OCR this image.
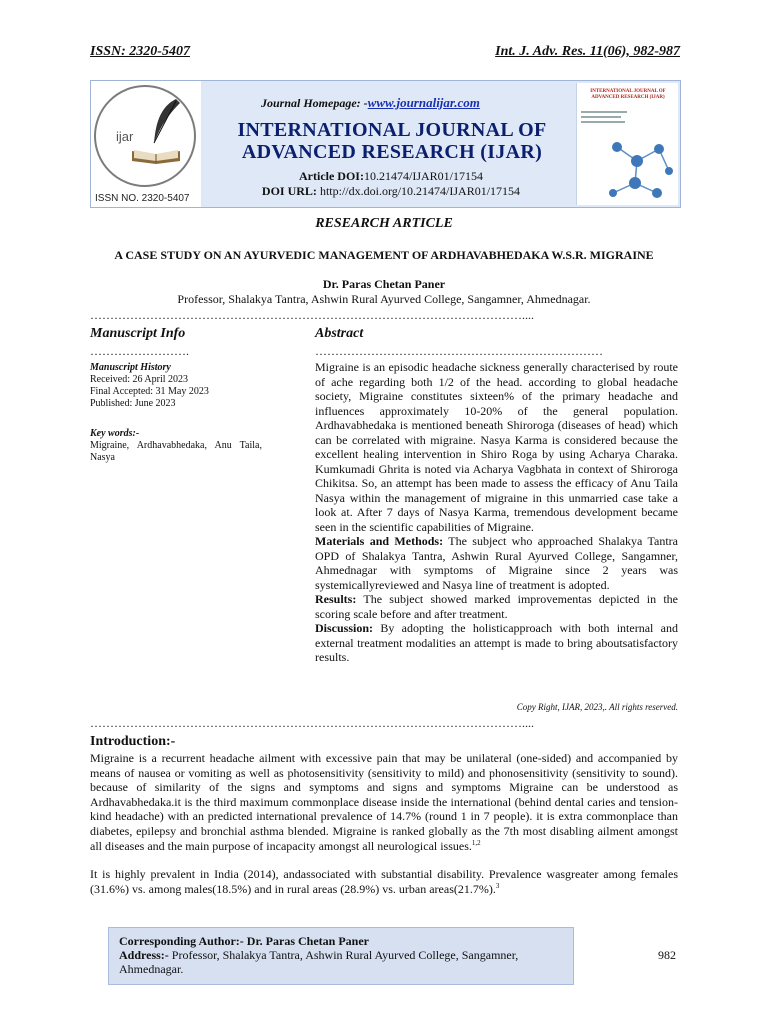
ISSN: 2320-5407	Int. J. Adv. Res. 11(06), 982-987
ijar
ISSN NO. 2320-5407
Journal Homepage: -www.journalijar.com
INTERNATIONAL JOURNAL OF
ADVANCED RESEARCH (IJAR)
Article DOI:10.21474/IJAR01/17154
DOI URL: http://dx.doi.org/10.21474/IJAR01/17154
INTERNATIONAL JOURNAL OF ADVANCED RESEARCH (IJAR)
RESEARCH ARTICLE
A CASE STUDY ON AN AYURVEDIC MANAGEMENT OF ARDHAVABHEDAKA W.S.R. MIGRAINE
Dr. Paras Chetan Paner
Professor, Shalakya Tantra, Ashwin Rural Ayurved College, Sangamner, Ahmednagar.
………………………………………………………………………………………………....
Manuscript Info	Abstract
…………………….	………………………………………………………………
Manuscript History
Received: 26 April 2023
Final Accepted: 31 May 2023
Published: June 2023
Key words:-
Migraine, Ardhavabhedaka, Anu Taila, Nasya

Migraine is an episodic headache sickness generally characterised by route of ache regarding both 1/2 of the head. according to global headache society, Migraine constitutes sixteen% of the primary headache and influences approximately 10-20% of the general population. Ardhavabhedaka is mentioned beneath Shiroroga (diseases of head) which can be correlated with migraine. Nasya Karma is considered because the excellent healing intervention in Shiro Roga by using Acharya Charaka. Kumkumadi Ghrita is noted via Acharya Vagbhata in context of Shiroroga Chikitsa. So, an attempt has been made to assess the efficacy of Anu Taila Nasya within the management of migraine in this unmarried case take a look at. After 7 days of Nasya Karma, tremendous development became seen in the scientific capabilities of Migraine.

Materials and Methods: The subject who approached Shalakya Tantra OPD of Shalakya Tantra, Ashwin Rural Ayurved College, Sangamner, Ahmednagar with symptoms of Migraine since 2 years was systemicallyreviewed and Nasya line of treatment is adopted.

Results: The subject showed marked improvementas depicted in the scoring scale before and after treatment.

Discussion: By adopting the holisticapproach with both internal and external treatment modalities an attempt is made to bring aboutsatisfactory results.

Copy Right, IJAR, 2023,. All rights reserved.
………………………………………………………………………………………………....
Introduction:-

Migraine is a recurrent headache ailment with excessive pain that may be unilateral (one-sided) and accompanied by means of nausea or vomiting as well as photosensitivity (sensitivity to mild) and phonosensitivity (sensitivity to sound). because of similarity of the signs and symptoms and signs and symptoms Migraine can be understood as Ardhavabhedaka.it is the third maximum commonplace disease inside the international (behind dental caries and tension-kind headache) with an predicted international prevalence of 14.7% (round 1 in 7 people). it is extra commonplace than diabetes, epilepsy and bronchial asthma blended. Migraine is ranked globally as the 7th most disabling ailment amongst all diseases and the main purpose of incapacity amongst all neurological issues.$^{1,2}$

It is highly prevalent in India (2014), andassociated with substantial disability. Prevalence wasgreater among females (31.6%) vs. among males(18.5%) and in rural areas (28.9%) vs. urban areas(21.7%).$^3$

Corresponding Author:- Dr. Paras Chetan Paner
Address:- Professor, Shalakya Tantra, Ashwin Rural Ayurved College, Sangamner, Ahmednagar.
982
